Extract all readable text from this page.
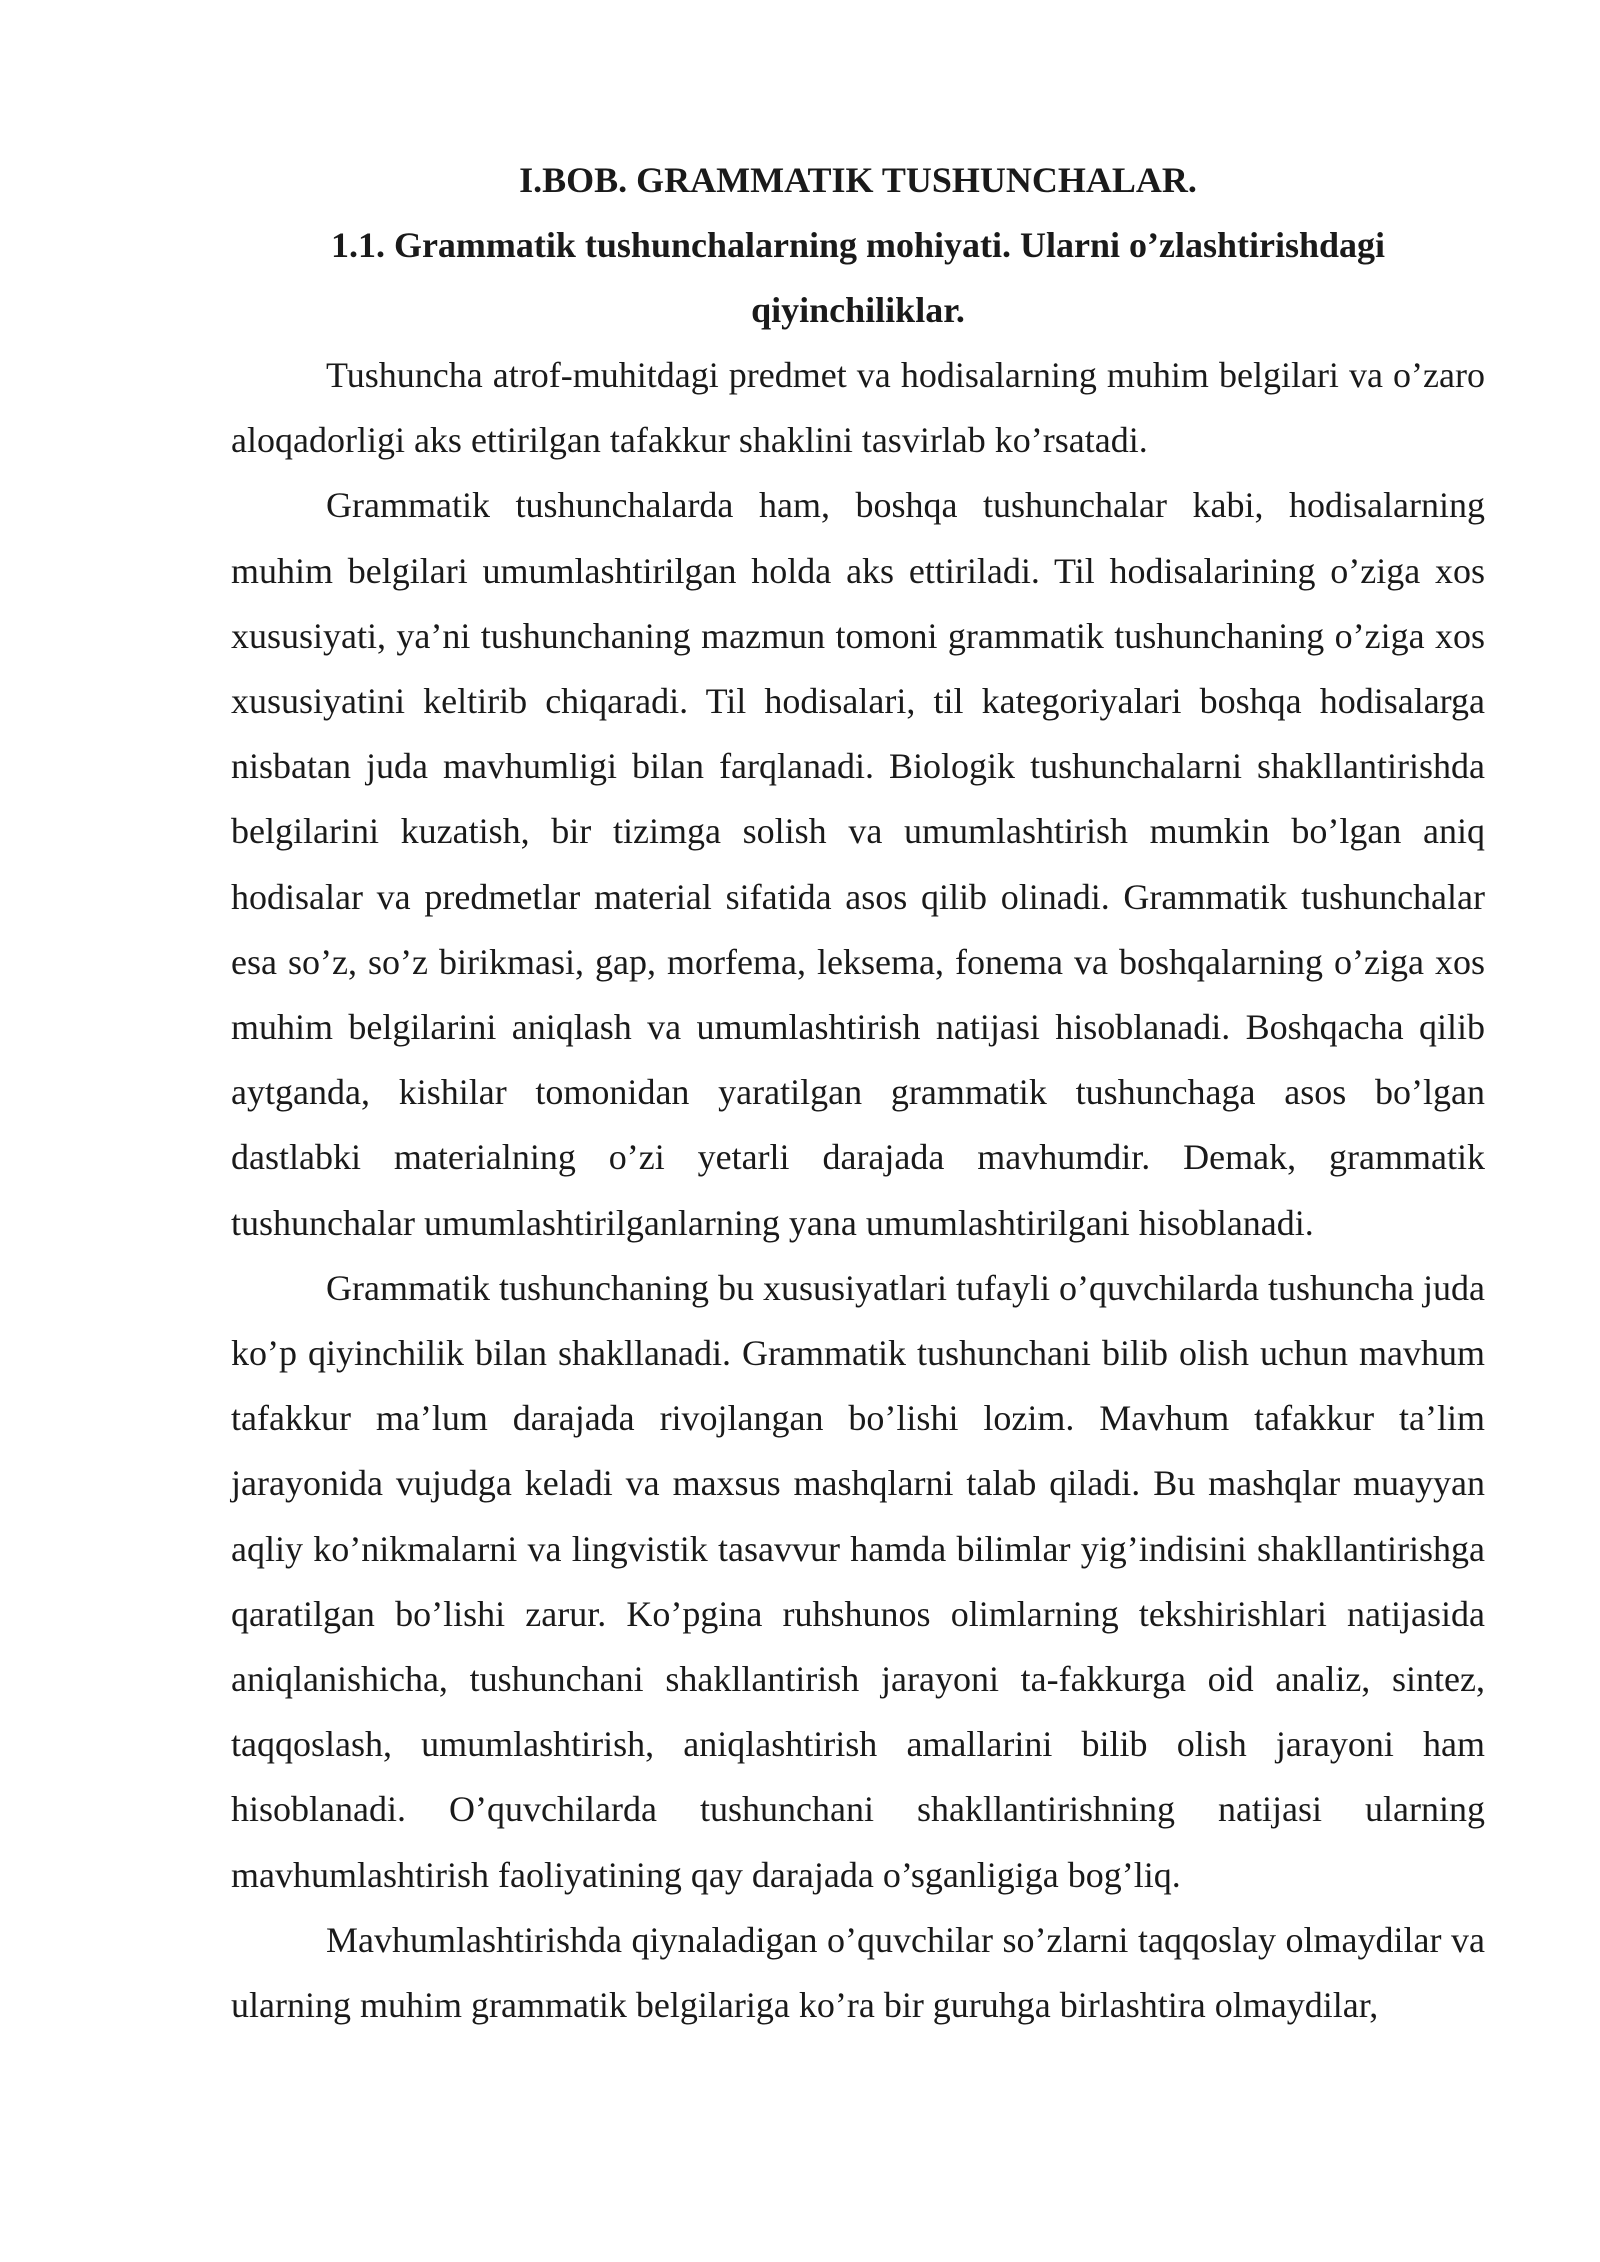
I.BOB. GRAMMATIK TUSHUNCHALAR.
1.1. Grammatik tushunchalarning mohiyati. Ularni o’zlashtirishdagi qiyinchiliklar.

Tushuncha atrof-muhitdagi predmet va hodisalarning muhim belgilari va o’zaro aloqadorligi aks ettirilgan tafakkur shaklini tasvirlab ko’rsatadi.

Grammatik tushunchalarda ham, boshqa tushunchalar kabi, hodisalarning muhim belgilari umumlashtirilgan holda aks ettiriladi. Til hodisalarining o’ziga xos xususiyati, ya’ni tushunchaning mazmun tomoni grammatik tushunchaning o’ziga xos xususiyatini keltirib chiqaradi. Til hodisalari, til kategoriyalari boshqa hodisalarga nisbatan juda mavhumligi bilan farqlanadi. Biologik tushunchalarni shakllantirishda belgilarini kuzatish, bir tizimga solish va umumlashtirish mumkin bo’lgan aniq hodisalar va predmetlar material sifatida asos qilib olinadi. Grammatik tushunchalar esa so’z, so’z birikmasi, gap, morfema, leksema, fonema va boshqalarning o’ziga xos muhim belgilarini aniqlash va umumlashtirish natijasi hisoblanadi. Boshqacha qilib aytganda, kishilar tomonidan yaratilgan grammatik tushunchaga asos bo’lgan dastlabki materialning o’zi yetarli darajada mavhumdir. Demak, grammatik tushunchalar umumlashtirilganlarning yana umumlashtirilgani hisoblanadi.

Grammatik tushunchaning bu xususiyatlari tufayli o’quvchilarda tushuncha juda ko’p qiyinchilik bilan shakllanadi. Grammatik tushunchani bilib olish uchun mavhum tafakkur ma’lum darajada rivojlangan bo’lishi lozim. Mavhum tafakkur ta’lim jarayonida vujudga keladi va maxsus mashqlarni talab qiladi. Bu mashqlar muayyan aqliy ko’nikmalarni va lingvistik tasavvur hamda bilimlar yig’indisini shakllantirishga qaratilgan bo’lishi zarur. Ko’pgina ruhshunos olimlarning tekshirishlari natijasida aniqlanishicha, tushunchani shakllantirish jarayoni ta-fakkurga oid analiz, sintez, taqqoslash, umumlashtirish, aniqlashtirish amallarini bilib olish jarayoni ham hisoblanadi. O’quvchilarda tushunchani shakllantirishning natijasi ularning mavhumlashtirish faoliyatining qay darajada o’sganligiga bog’liq.

Mavhumlashtirishda qiynaladigan o’quvchilar so’zlarni taqqoslay olmaydilar va ularning muhim grammatik belgilariga ko’ra bir guruhga birlashtira olmaydilar,
